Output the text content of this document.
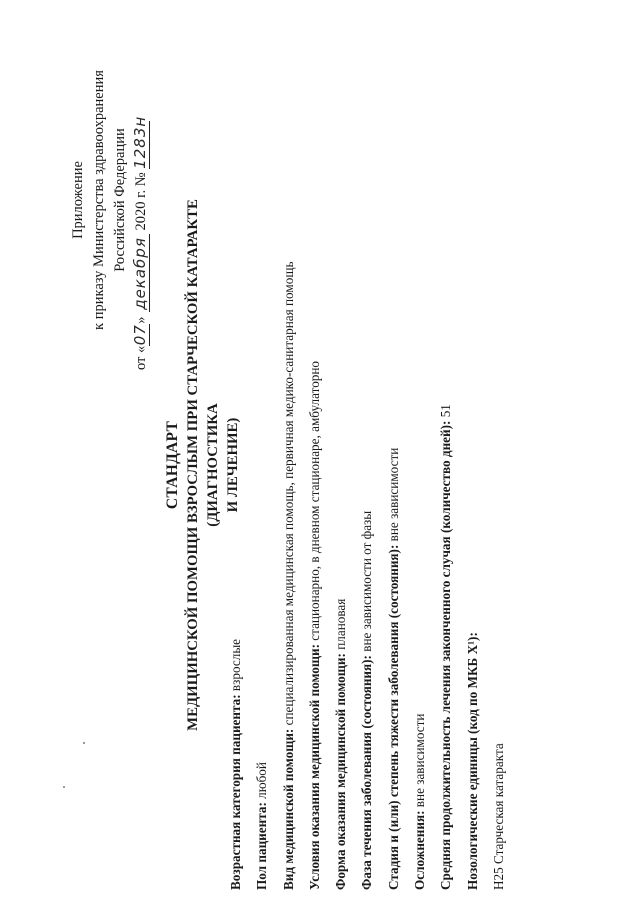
Приложение к приказу Министерства здравоохранения Российской Федерации
от «07»декабря2020 г. № 1283н
СТАНДАРТ МЕДИЦИНСКОЙ ПОМОЩИ ВЗРОСЛЫМ ПРИ СТАРЧЕСКОЙ КАТАРАКТЕ (ДИАГНОСТИКА И ЛЕЧЕНИЕ)
Возрастная категория пациента: взрослые
Пол пациента: любой Вид медицинской помощи: специализированная медицинская помощь, первичная медико-санитарная помощь
Условия оказания медицинской помощи: стационарно, в дневном стационаре, амбулаторно
Форма оказания медицинской помощи: плановая
Фаза течения заболевания (состояния): вне зависимости от фазы Стадия и (или) степень тяжести заболевания (состояния): вне зависимости
Осложнения: вне зависимости Средняя продолжительность лечения законченного случая (количество дней): 51
Нозологические единицы (код по МКБ X¹): H25 Старческая катаракта
